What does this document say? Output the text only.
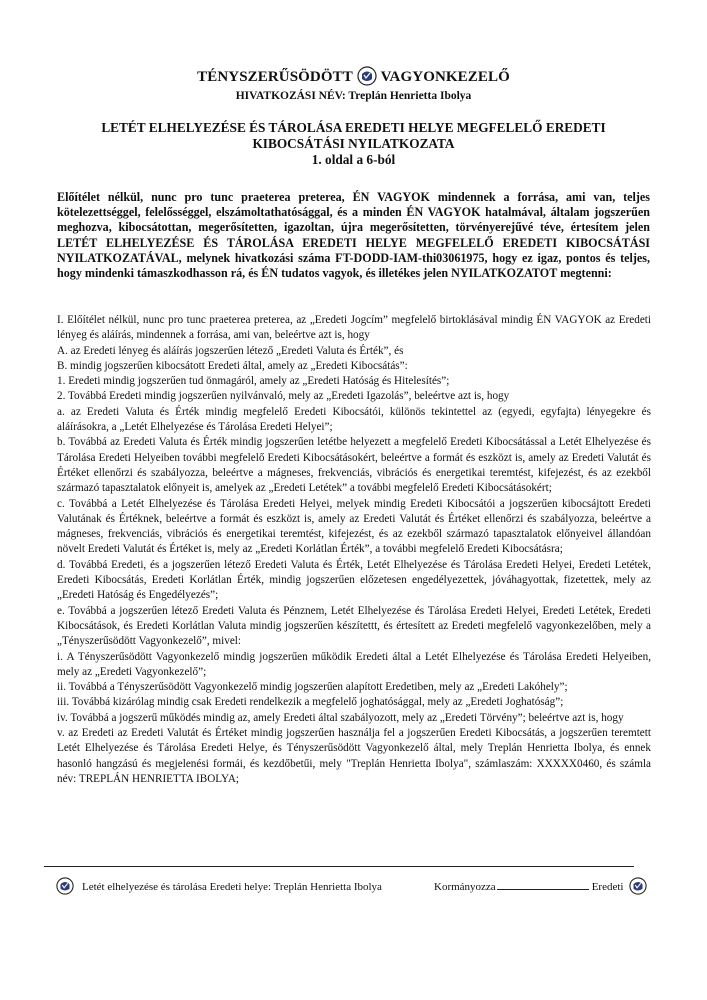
TÉNYSZERŰSÖDÖTT VAGYONKEZELŐ
HIVATKOZÁSI NÉV: Treplán Henrietta Ibolya
LETÉT ELHELYEZÉSE ÉS TÁROLÁSA EREDETI HELYE MEGFELELŐ EREDETI
KIBOCSÁTÁSI NYILATKOZATA
1. oldal a 6-ból
Előítélet nélkül, nunc pro tunc praeterea preterea, ÉN VAGYOK mindennek a forrása, ami van, teljes kötelezettséggel, felelősséggel, elszámoltathatósággal, és a minden ÉN VAGYOK hatalmával, általam jogszerűen meghozva, kibocsátottan, megerősítetten, igazoltan, újra megerősítetten, törvényerejűvé téve, értesítem jelen LETÉT ELHELYEZÉSE ÉS TÁROLÁSA EREDETI HELYE MEGFELELŐ EREDETI KIBOCSÁTÁSI NYILATKOZATÁVAL, melynek hivatkozási száma FT-DODD-IAM-thi03061975, hogy ez igaz, pontos és teljes, hogy mindenki támaszkodhasson rá, és ÉN tudatos vagyok, és illetékes jelen NYILATKOZATOT megtenni:

I. Előítélet nélkül, nunc pro tunc praeterea preterea, az „Eredeti Jogcím” megfelelő birtoklásával mindig ÉN VAGYOK az Eredeti lényeg és aláírás, mindennek a forrása, ami van, beleértve azt is, hogy

A. az Eredeti lényeg és aláírás jogszerűen létező „Eredeti Valuta és Érték”, és

B. mindig jogszerűen kibocsátott Eredeti által, amely az „Eredeti Kibocsátás”:

1. Eredeti mindig jogszerűen tud önmagáról, amely az „Eredeti Hatóság és Hitelesítés”;

2. Továbbá Eredeti mindig jogszerűen nyilvánvaló, mely az „Eredeti Igazolás”, beleértve azt is, hogy

a. az Eredeti Valuta és Érték mindig megfelelő Eredeti Kibocsátói, különös tekintettel az (egyedi, egyfajta) lényegekre és aláírásokra, a „Letét Elhelyezése és Tárolása Eredeti Helyei”;

b. Továbbá az Eredeti Valuta és Érték mindig jogszerűen letétbe helyezett a megfelelő Eredeti Kibocsátással a Letét Elhelyezése és Tárolása Eredeti Helyeiben további megfelelő Eredeti Kibocsátásokért, beleértve a formát és eszközt is, amely az Eredeti Valutát és Értéket ellenőrzi és szabályozza, beleértve a mágneses, frekvenciás, vibrációs és energetikai teremtést, kifejezést, és az ezekből származó tapasztalatok előnyeit is, amelyek az „Eredeti Letétek” a további megfelelő Eredeti Kibocsátásokért;

c. Továbbá a Letét Elhelyezése és Tárolása Eredeti Helyei, melyek mindig Eredeti Kibocsátói a jogszerűen kibocsájtott Eredeti Valutának és Értéknek, beleértve a formát és eszközt is, amely az Eredeti Valutát és Értéket ellenőrzi és szabályozza, beleértve a mágneses, frekvenciás, vibrációs és energetikai teremtést, kifejezést, és az ezekből származó tapasztalatok előnyeivel állandóan növelt Eredeti Valutát és Értéket is, mely az „Eredeti Korlátlan Érték”, a további megfelelő Eredeti Kibocsátásra;

d. Továbbá Eredeti, és a jogszerűen létező Eredeti Valuta és Érték, Letét Elhelyezése és Tárolása Eredeti Helyei, Eredeti Letétek, Eredeti Kibocsátás, Eredeti Korlátlan Érték, mindig jogszerűen előzetesen engedélyezettek, jóváhagyottak, fizetettek, mely az „Eredeti Hatóság és Engedélyezés”;

e. Továbbá a jogszerűen létező Eredeti Valuta és Pénznem, Letét Elhelyezése és Tárolása Eredeti Helyei, Eredeti Letétek, Eredeti Kibocsátások, és Eredeti Korlátlan Valuta mindig jogszerűen készítettt, és értesített az Eredeti megfelelő vagyonkezelőben, mely a „Tényszerűsödött Vagyonkezelő”, mivel:

i. A Tényszerűsödött Vagyonkezelő mindig jogszerűen működik Eredeti által a Letét Elhelyezése és Tárolása Eredeti Helyeiben, mely az „Eredeti Vagyonkezelő”;

ii. Továbbá a Tényszerűsödött Vagyonkezelő mindig jogszerűen alapított Eredetiben, mely az „Eredeti Lakóhely”;

iii. Továbbá kizárólag mindig csak Eredeti rendelkezik a megfelelő joghatósággal, mely az „Eredeti Joghatóság”;

iv. Továbbá a jogszerű működés mindig az, amely Eredeti által szabályozott, mely az „Eredeti Törvény”; beleértve azt is, hogy

v. az Eredeti az Eredeti Valutát és Értéket mindig jogszerűen használja fel a jogszerűen Eredeti Kibocsátás, a jogszerűen teremtett Letét Elhelyezése és Tárolása Eredeti Helye, és Tényszerűsödött Vagyonkezelő által, mely Treplán Henrietta Ibolya, és ennek hasonló hangzású és megjelenési formái, és kezdőbetűi, mely "Treplán Henrietta Ibolya", számlaszám: XXXXX0460, és számla név: TREPLÁN HENRIETTA IBOLYA;

Letét elhelyezése és tárolása Eredeti helye: Treplán Henrietta Ibolya	Kormányozza	Eredeti
